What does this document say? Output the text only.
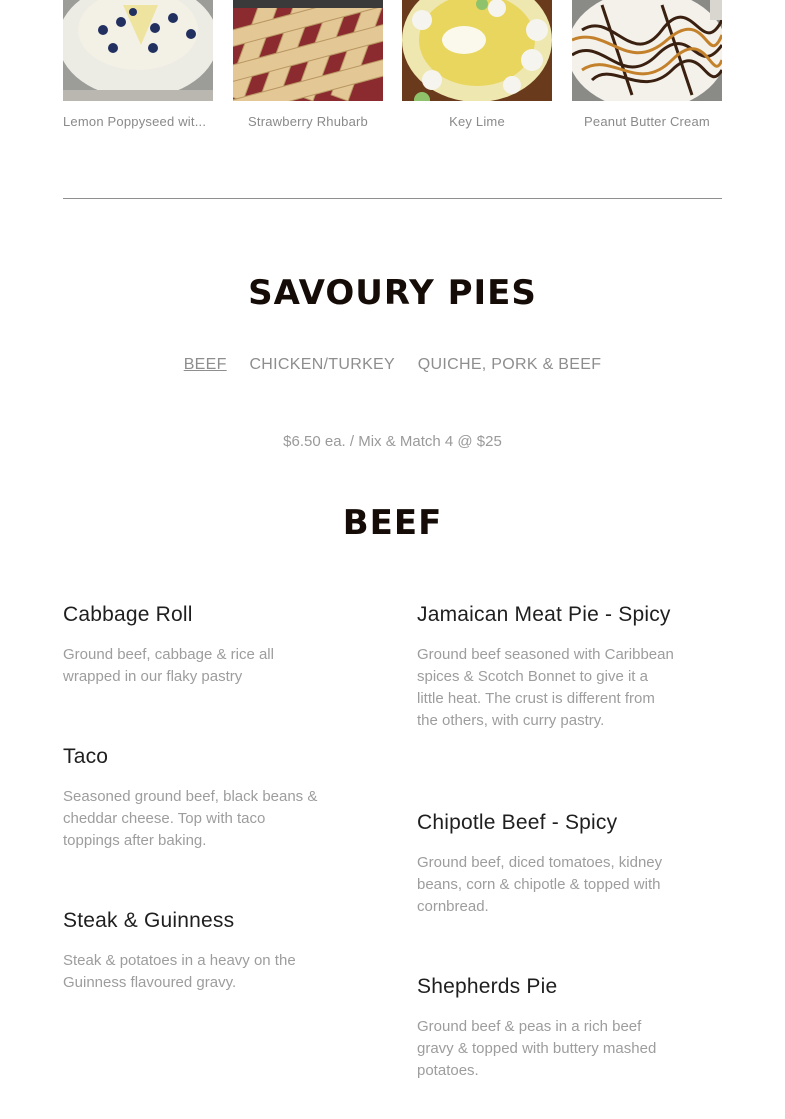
Lemon Poppyseed wit...	Strawberry Rhubarb	Key Lime	Peanut Butter Cream
SAVOURY PIES
BEEF CHICKEN/TURKEY QUICHE, PORK & BEEF
$6.50 ea. / Mix & Match 4 @ $25
BEEF
Cabbage Roll
Ground beef, cabbage & rice all wrapped in our flaky pastry
Taco
Seasoned ground beef, black beans & cheddar cheese. Top with taco toppings after baking.
Steak & Guinness
Steak & potatoes in a heavy on the Guinness flavoured gravy.
Jamaican Meat Pie - Spicy
Ground beef seasoned with Caribbean spices & Scotch Bonnet to give it a little heat. The crust is different from the others, with curry pastry.
Chipotle Beef - Spicy
Ground beef, diced tomatoes, kidney beans, corn & chipotle & topped with cornbread.
Shepherds Pie
Ground beef & peas in a rich beef gravy & topped with buttery mashed potatoes.
